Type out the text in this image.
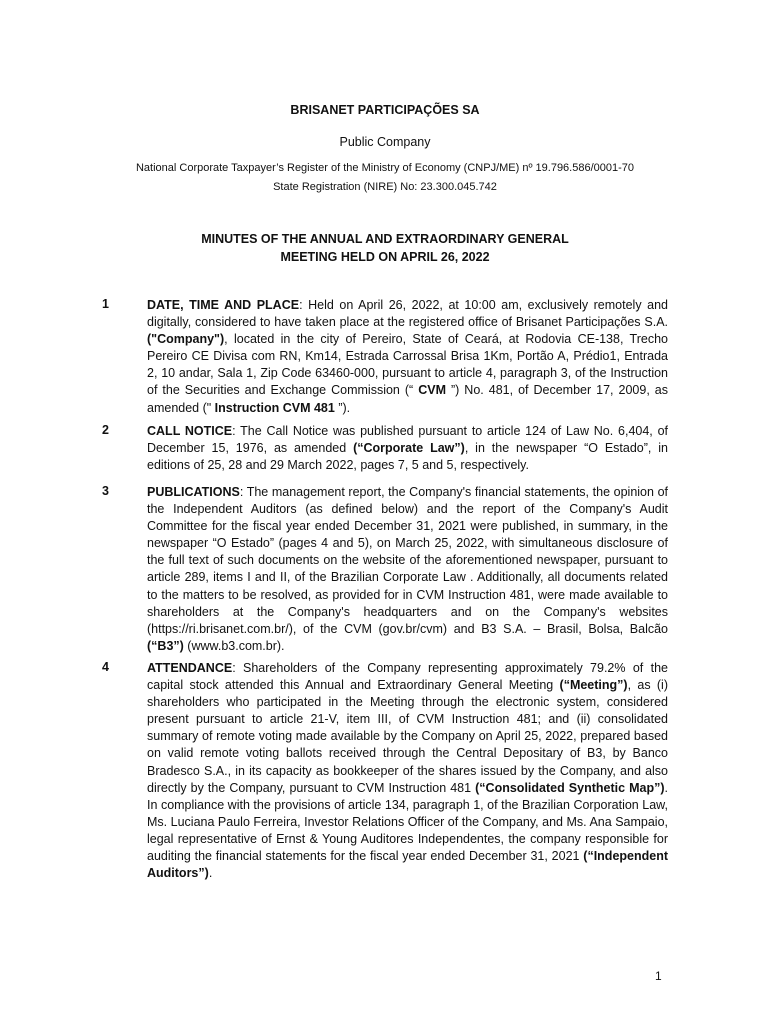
BRISANET PARTICIPAÇÕES SA
Public Company
National Corporate Taxpayer’s Register of the Ministry of Economy (CNPJ/ME) nº 19.796.586/0001-70
State Registration (NIRE) No: 23.300.045.742
MINUTES OF THE ANNUAL AND EXTRAORDINARY GENERAL
MEETING HELD ON APRIL 26, 2022
1	DATE, TIME AND PLACE: Held on April 26, 2022, at 10:00 am, exclusively remotely and digitally, considered to have taken place at the registered office of Brisanet Participações S.A. ("Company"), located in the city of Pereiro, State of Ceará, at Rodovia CE-138, Trecho Pereiro CE Divisa com RN, Km14, Estrada Carrossal Brisa 1Km, Portão A, Prédio1, Entrada 2, 10 andar, Sala 1, Zip Code 63460-000, pursuant to article 4, paragraph 3, of the Instruction of the Securities and Exchange Commission (“ CVM ”) No. 481, of December 17, 2009, as amended (" Instruction CVM 481 ”).
2	CALL NOTICE: The Call Notice was published pursuant to article 124 of Law No. 6,404, of December 15, 1976, as amended (“Corporate Law”), in the newspaper “O Estado”, in editions of 25, 28 and 29 March 2022, pages 7, 5 and 5, respectively.
3	PUBLICATIONS: The management report, the Company's financial statements, the opinion of the Independent Auditors (as defined below) and the report of the Company's Audit Committee for the fiscal year ended December 31, 2021 were published, in summary, in the newspaper “O Estado” (pages 4 and 5), on March 25, 2022, with simultaneous disclosure of the full text of such documents on the website of the aforementioned newspaper, pursuant to article 289, items I and II, of the Brazilian Corporate Law . Additionally, all documents related to the matters to be resolved, as provided for in CVM Instruction 481, were made available to shareholders at the Company's headquarters and on the Company's websites (https://ri.brisanet.com.br/), of the CVM (gov.br/cvm) and B3 S.A. – Brasil, Bolsa, Balcão (“B3”) (www.b3.com.br).
4	ATTENDANCE: Shareholders of the Company representing approximately 79.2% of the capital stock attended this Annual and Extraordinary General Meeting (“Meeting”), as (i) shareholders who participated in the Meeting through the electronic system, considered present pursuant to article 21-V, item III, of CVM Instruction 481; and (ii) consolidated summary of remote voting made available by the Company on April 25, 2022, prepared based on valid remote voting ballots received through the Central Depositary of B3, by Banco Bradesco S.A., in its capacity as bookkeeper of the shares issued by the Company, and also directly by the Company, pursuant to CVM Instruction 481 (“Consolidated Synthetic Map”). In compliance with the provisions of article 134, paragraph 1, of the Brazilian Corporation Law, Ms. Luciana Paulo Ferreira, Investor Relations Officer of the Company, and Ms. Ana Sampaio, legal representative of Ernst & Young Auditores Independentes, the company responsible for auditing the financial statements for the fiscal year ended December 31, 2021 (“Independent Auditors”).
1
